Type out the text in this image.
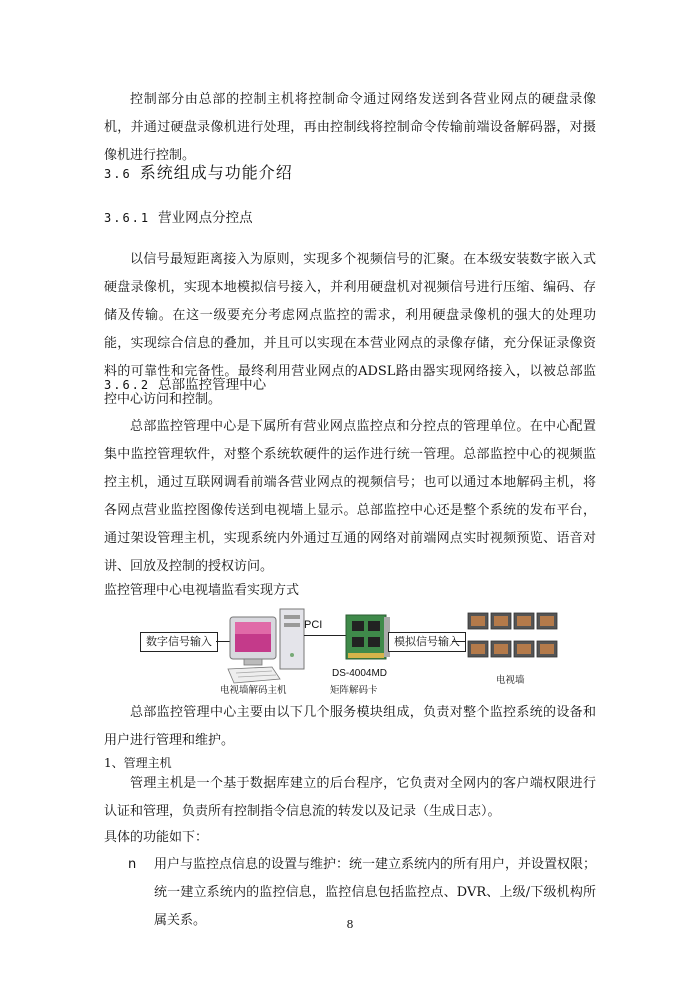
控制部分由总部的控制主机将控制命令通过网络发送到各营业网点的硬盘录像机，并通过硬盘录像机进行处理，再由控制线将控制命令传输前端设备解码器，对摄像机进行控制。

3.6 系统组成与功能介绍
3.6.1 营业网点分控点

以信号最短距离接入为原则，实现多个视频信号的汇聚。在本级安装数字嵌入式硬盘录像机，实现本地模拟信号接入，并利用硬盘机对视频信号进行压缩、编码、存储及传输。在这一级要充分考虑网点监控的需求，利用硬盘录像机的强大的处理功能，实现综合信息的叠加，并且可以实现在本营业网点的录像存储，充分保证录像资料的可靠性和完备性。最终利用营业网点的ADSL路由器实现网络接入，以被总部监控中心访问和控制。

3.6.2 总部监控管理中心

总部监控管理中心是下属所有营业网点监控点和分控点的管理单位。在中心配置集中监控管理软件，对整个系统软硬件的运作进行统一管理。总部监控中心的视频监控主机，通过互联网调看前端各营业网点的视频信号；也可以通过本地解码主机，将各网点营业监控图像传送到电视墙上显示。总部监控中心还是整个系统的发布平台，通过架设管理主机，实现系统内外通过互通的网络对前端网点实时视频预览、语音对讲、回放及控制的授权访问。

监控管理中心电视墙监看实现方式
数字信号输入
PCI
模拟信号输入
电视墙解码主机
DS-4004MD
矩阵解码卡
电视墙

总部监控管理中心主要由以下几个服务模块组成，负责对整个监控系统的设备和用户进行管理和维护。

1、管理主机

管理主机是一个基于数据库建立的后台程序，它负责对全网内的客户端权限进行认证和管理，负责所有控制指令信息流的转发以及记录（生成日志）。

具体的功能如下：
n 用户与监控点信息的设置与维护：统一建立系统内的所有用户，并设置权限；统一建立系统内的监控信息，监控信息包括监控点、DVR、上级/下级机构所属关系。	8
